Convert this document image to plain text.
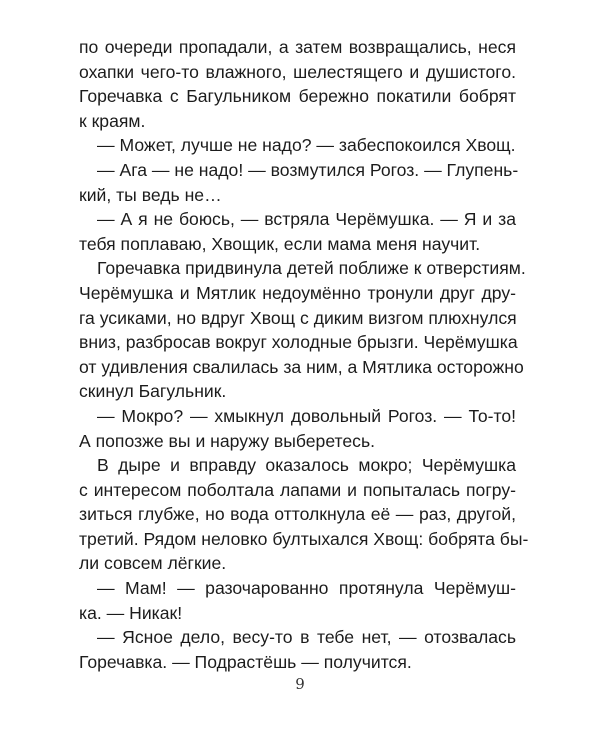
по очереди пропадали, а затем возвращались, неся
охапки чего-то влажного, шелестящего и душистого.
Горечавка с Багульником бережно покатили бобрят
к краям.
— Может, лучше не надо? — забеспокоился Хвощ.
— Ага — не надо! — возмутился Рогоз. — Глупень-
кий, ты ведь не…
— А я не боюсь, — встряла Черёмушка. — Я и за
тебя поплаваю, Хвощик, если мама меня научит.
Горечавка придвинула детей поближе к отверстиям.
Черёмушка и Мятлик недоумённо тронули друг дру-
га усиками, но вдруг Хвощ с диким визгом плюхнулся
вниз, разбросав вокруг холодные брызги. Черёмушка
от удивления свалилась за ним, а Мятлика осторожно
скинул Багульник.
— Мокро? — хмыкнул довольный Рогоз. — То-то!
А попозже вы и наружу выберетесь.
В дыре и вправду оказалось мокро; Черёмушка
с интересом поболтала лапами и попыталась погру-
зиться глубже, но вода оттолкнула её — раз, другой,
третий. Рядом неловко бултыхался Хвощ: бобрята бы-
ли совсем лёгкие.
— Мам! — разочарованно протянула Черёмуш-
ка. — Никак!
— Ясное дело, весу-то в тебе нет, — отозвалась
Горечавка. — Подрастёшь — получится.
9
